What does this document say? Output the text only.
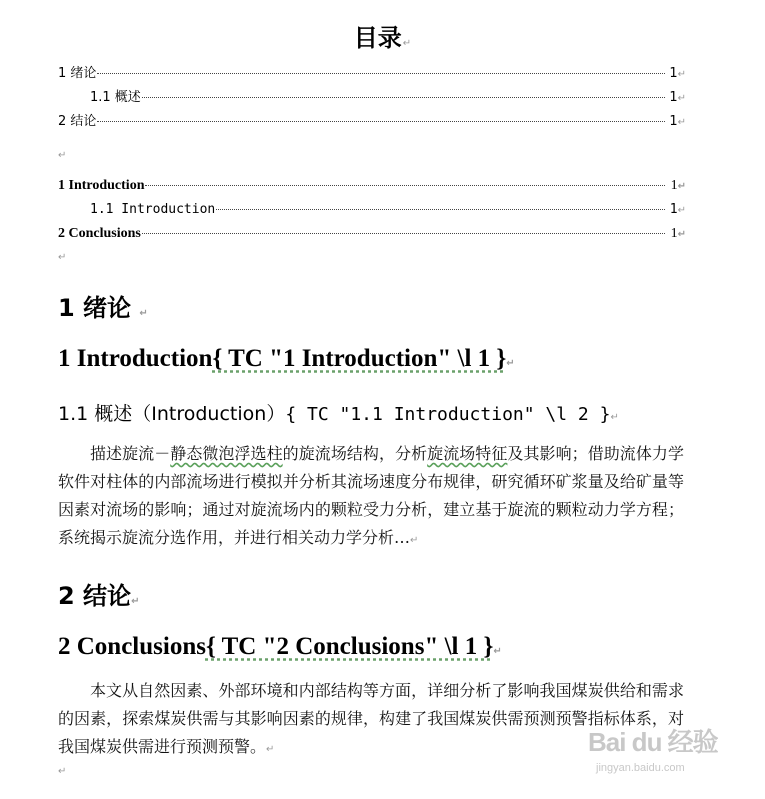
目录↵
1 绪论	1 ↵
1.1 概述	1 ↵
2 结论	1 ↵
↵
1 Introduction	1 ↵
1.1 Introduction	1 ↵
2 Conclusions	1 ↵
↵
1 绪论 ↵
1 Introduction{ TC "1 Introduction" \l 1 }↵
1.1 概述（Introduction）{ TC "1.1 Introduction" \l 2 }↵

描述旋流－静态微泡浮选柱的旋流场结构，分析旋流场特征及其影响；借助流体力学软件对柱体的内部流场进行模拟并分析其流场速度分布规律，研究循环矿浆量及给矿量等因素对流场的影响；通过对旋流场内的颗粒受力分析，建立基于旋流的颗粒动力学方程；系统揭示旋流分选作用，并进行相关动力学分析…↵

2 结论↵
2 Conclusions{ TC "2 Conclusions" \l 1 }↵

本文从自然因素、外部环境和内部结构等方面，详细分析了影响我国煤炭供给和需求的因素，探索煤炭供需与其影响因素的规律，构建了我国煤炭供需预测预警指标体系，对我国煤炭供需进行预测预警。↵

↵
Bai du 经验
jingyan.baidu.com
